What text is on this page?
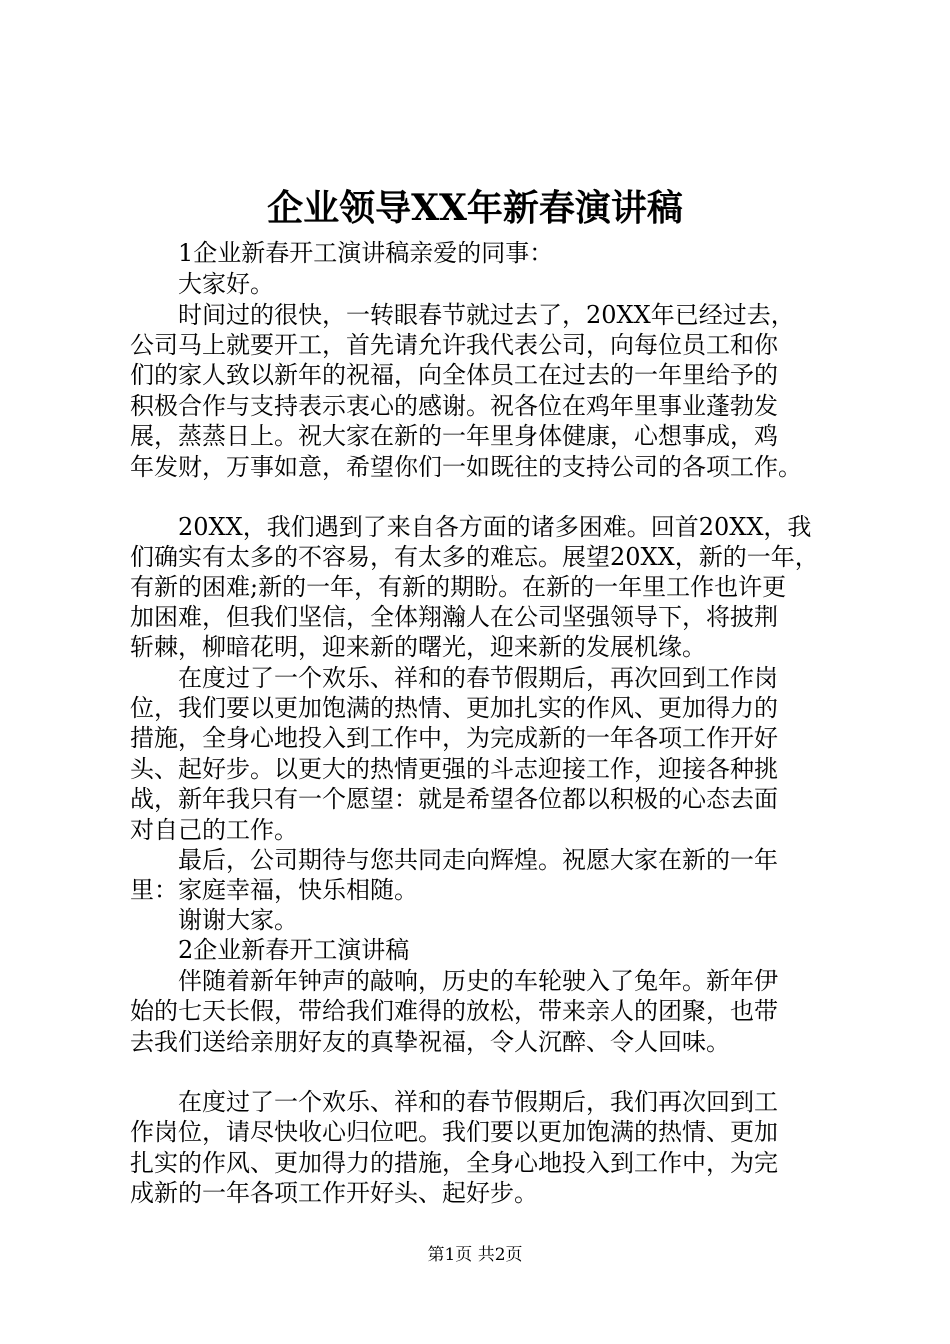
企业领导XX年新春演讲稿
1企业新春开工演讲稿亲爱的同事：
大家好。
时间过的很快，一转眼春节就过去了，20XX年已经过去，
公司马上就要开工，首先请允许我代表公司，向每位员工和你
们的家人致以新年的祝福，向全体员工在过去的一年里给予的
积极合作与支持表示衷心的感谢。祝各位在鸡年里事业蓬勃发
展，蒸蒸日上。祝大家在新的一年里身体健康，心想事成，鸡
年发财，万事如意，希望你们一如既往的支持公司的各项工作。
20XX，我们遇到了来自各方面的诸多困难。回首20XX，我
们确实有太多的不容易，有太多的难忘。展望20XX，新的一年，
有新的困难;新的一年，有新的期盼。在新的一年里工作也许更
加困难，但我们坚信，全体翔瀚人在公司坚强领导下，将披荆
斩棘，柳暗花明，迎来新的曙光，迎来新的发展机缘。
在度过了一个欢乐、祥和的春节假期后，再次回到工作岗
位，我们要以更加饱满的热情、更加扎实的作风、更加得力的
措施，全身心地投入到工作中，为完成新的一年各项工作开好
头、起好步。以更大的热情更强的斗志迎接工作，迎接各种挑
战，新年我只有一个愿望：就是希望各位都以积极的心态去面
对自己的工作。
最后，公司期待与您共同走向辉煌。祝愿大家在新的一年
里：家庭幸福，快乐相随。
谢谢大家。
2企业新春开工演讲稿
伴随着新年钟声的敲响，历史的车轮驶入了兔年。新年伊
始的七天长假，带给我们难得的放松，带来亲人的团聚，也带
去我们送给亲朋好友的真挚祝福，令人沉醉、令人回味。
在度过了一个欢乐、祥和的春节假期后，我们再次回到工
作岗位，请尽快收心归位吧。我们要以更加饱满的热情、更加
扎实的作风、更加得力的措施，全身心地投入到工作中，为完
成新的一年各项工作开好头、起好步。
第1页 共2页
